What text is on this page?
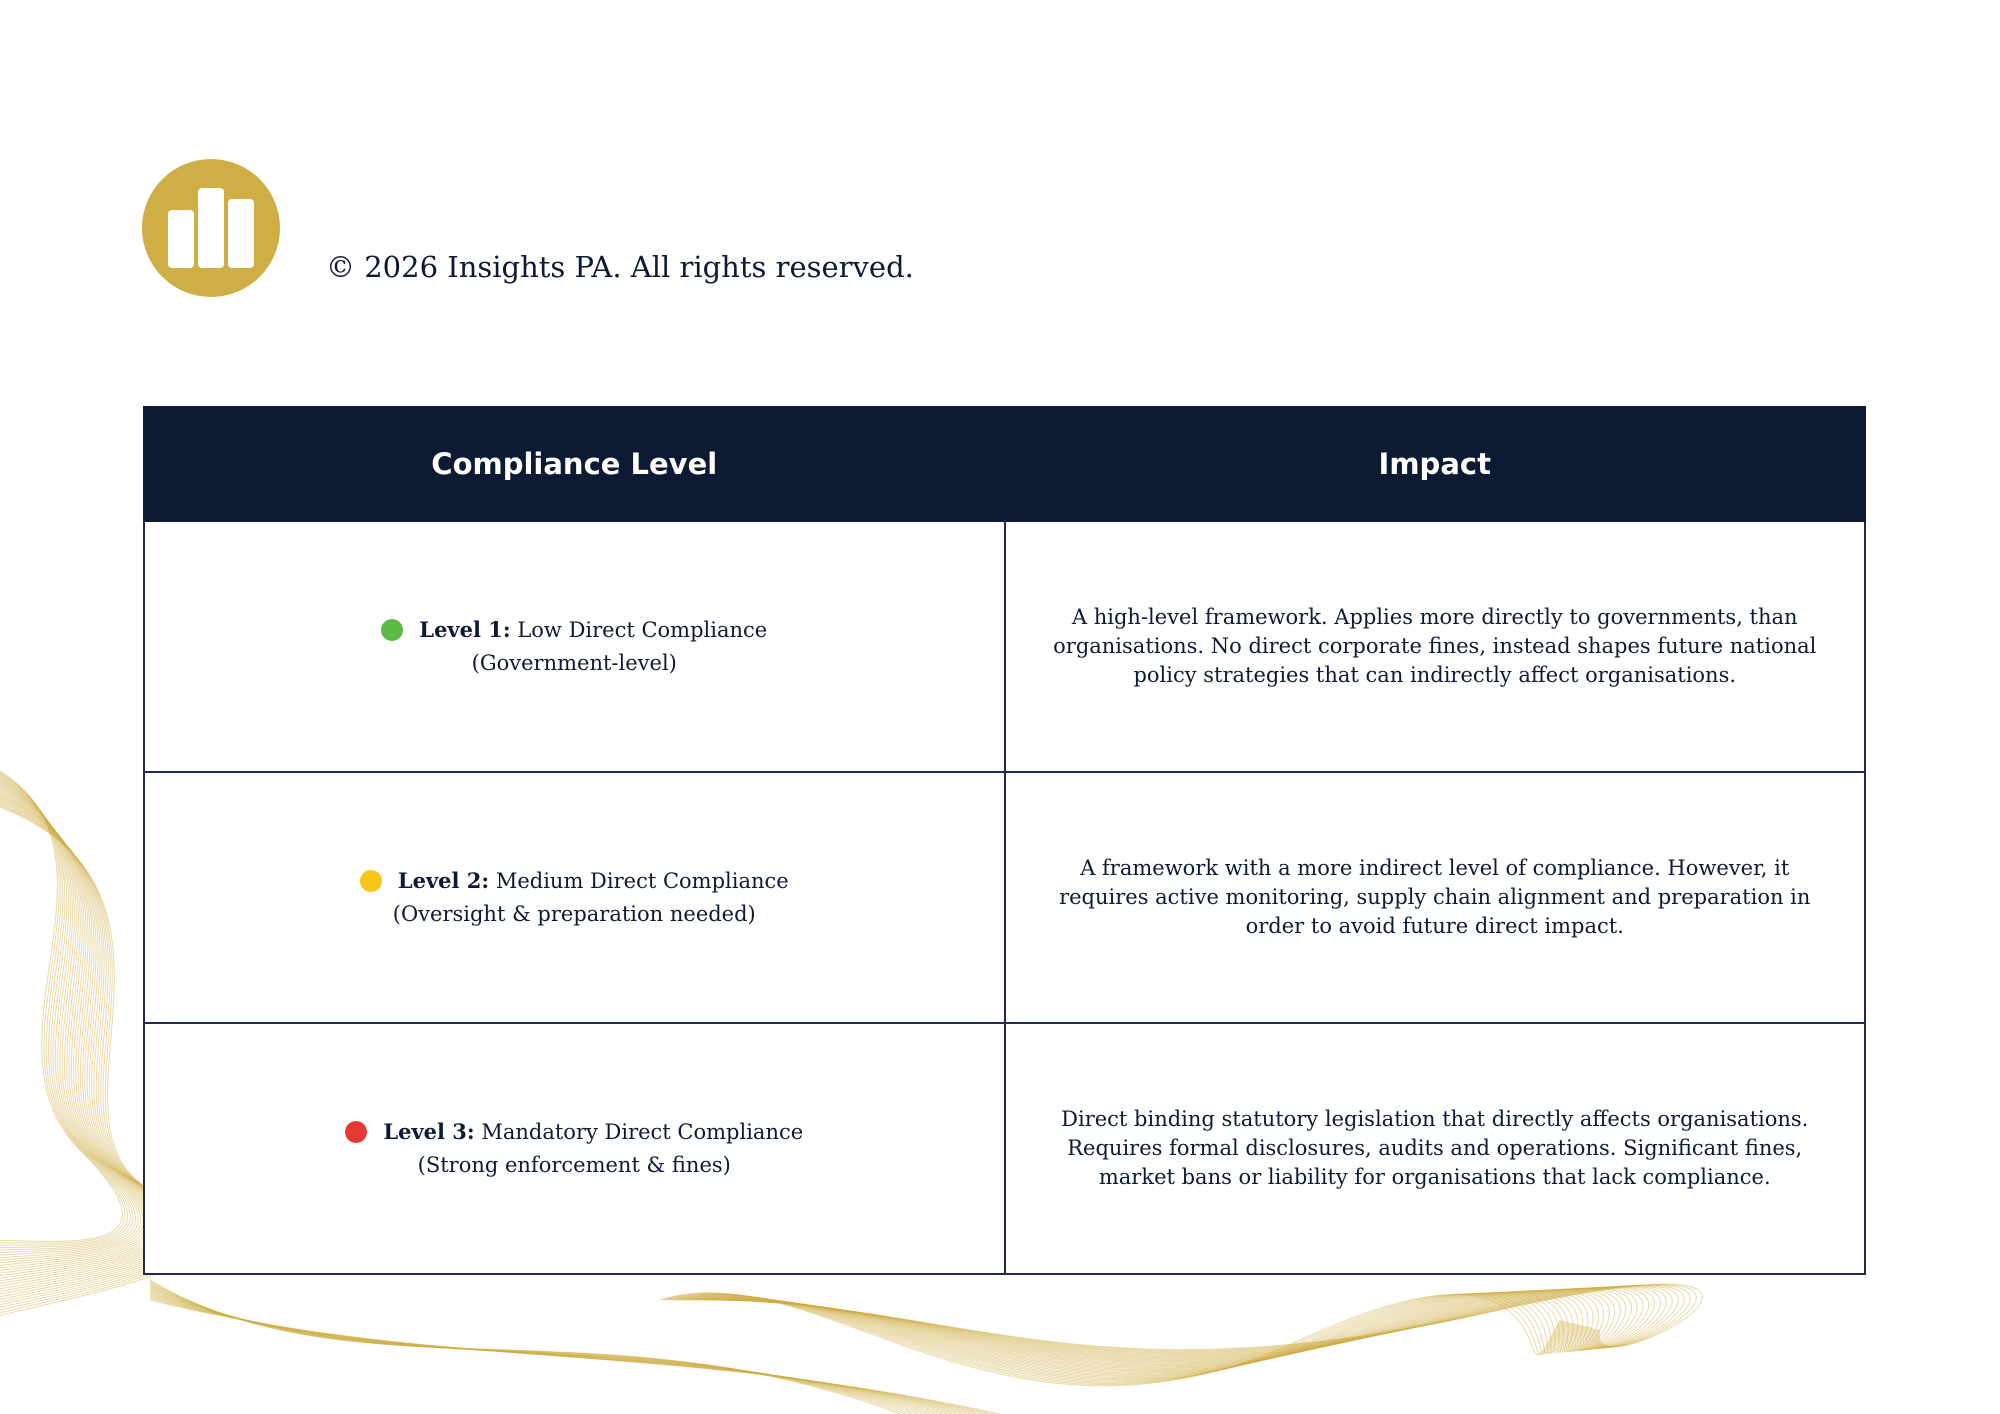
© 2026 Insights PA. All rights reserved.
Compliance Level	Impact

Level 1: Low Direct Compliance
(Government-level)	A high-level framework. Applies more directly to governments, than organisations. No direct corporate fines, instead shapes future national policy strategies that can indirectly affect organisations.

Level 2: Medium Direct Compliance
(Oversight & preparation needed)	A framework with a more indirect level of compliance. However, it requires active monitoring, supply chain alignment and preparation in order to avoid future direct impact.

Level 3: Mandatory Direct Compliance
(Strong enforcement & fines)	Direct binding statutory legislation that directly affects organisations. Requires formal disclosures, audits and operations. Significant fines, market bans or liability for organisations that lack compliance.
